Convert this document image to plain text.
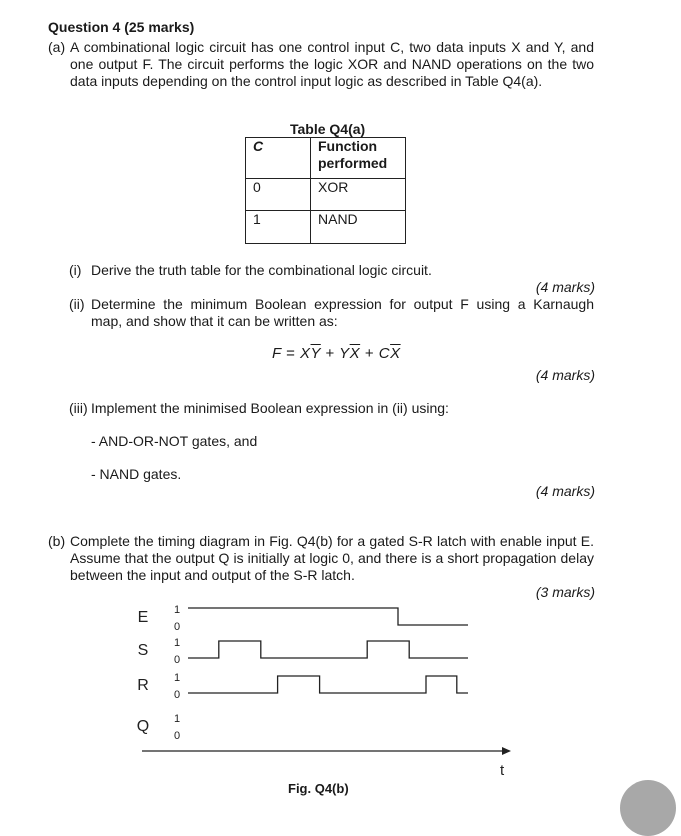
Question 4 (25 marks)
(a) A combinational logic circuit has one control input C, two data inputs X and Y, and one output F. The circuit performs the logic XOR and NAND operations on the two data inputs depending on the control input logic as described in Table Q4(a).
Table Q4(a)
C	Function performed
0	XOR
1	NAND
(i) Derive the truth table for the combinational logic circuit.
(4 marks)
(ii) Determine the minimum Boolean expression for output F using a Karnaugh
map, and show that it can be written as:
$F = X\overline{Y} + Y\overline{X} + C\overline{X}$
(4 marks)
(iii) Implement the minimised Boolean expression in (ii) using:
- AND-OR-NOT gates, and
- NAND gates.
(4 marks)
(b) Complete the timing diagram in Fig. Q4(b) for a gated S-R latch with enable input E. Assume that the output Q is initially at logic 0, and there is a short propagation delay between the input and output of the S-R latch.
(3 marks)
E 1
0
S 1
0
R 1
0
Q 1
0
t
Fig. Q4(b)
